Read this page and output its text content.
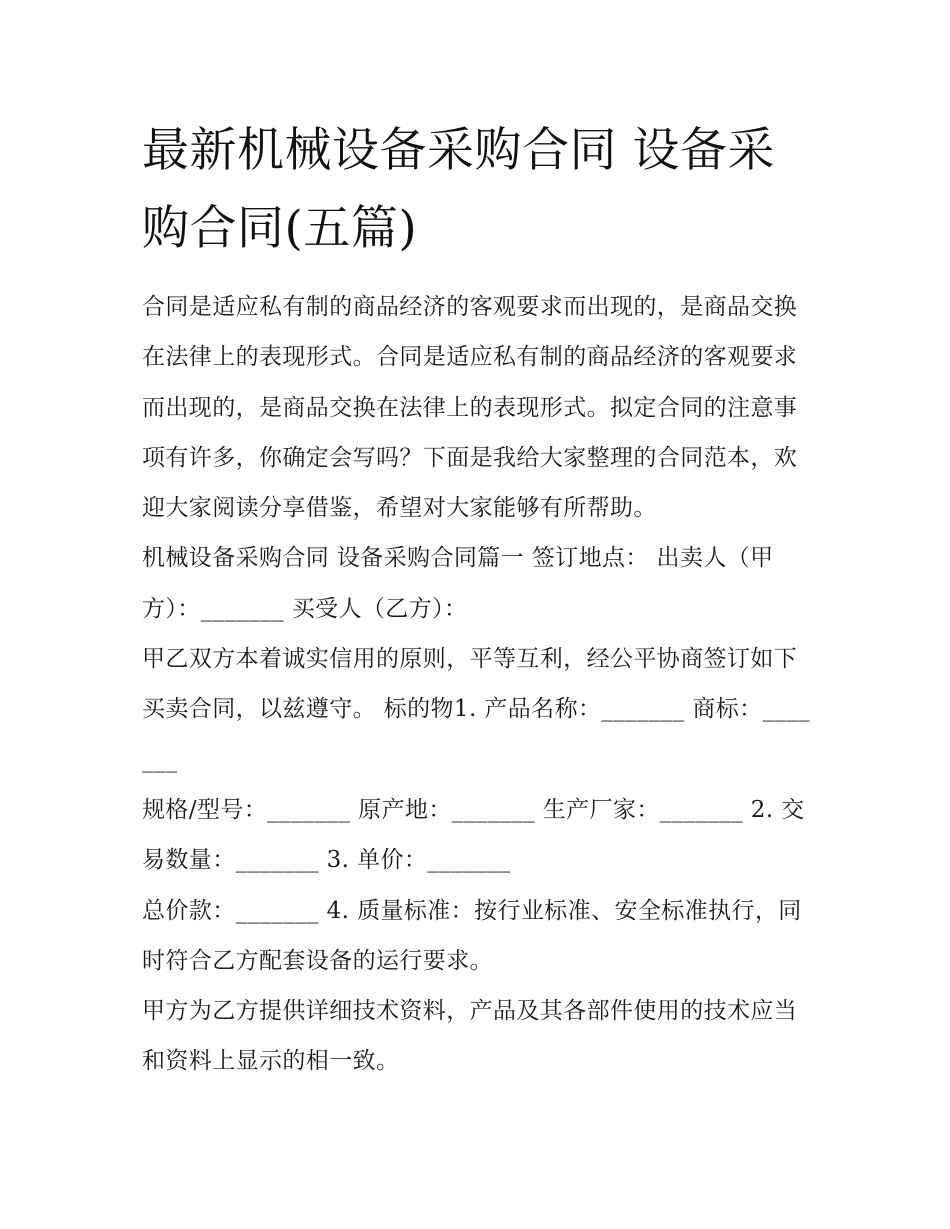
最新机械设备采购合同 设备采购合同(五篇)

合同是适应私有制的商品经济的客观要求而出现的，是商品交换在法律上的表现形式。合同是适应私有制的商品经济的客观要求而出现的，是商品交换在法律上的表现形式。拟定合同的注意事项有许多，你确定会写吗？下面是我给大家整理的合同范本，欢迎大家阅读分享借鉴，希望对大家能够有所帮助。

机械设备采购合同 设备采购合同篇一 签订地点： 出卖人（甲方）：_______ 买受人（乙方）：

甲乙双方本着诚实信用的原则，平等互利，经公平协商签订如下买卖合同，以兹遵守。 标的物1. 产品名称：_______ 商标：_______

规格/型号：_______ 原产地：_______ 生产厂家：_______ 2. 交易数量：_______ 3. 单价：_______

总价款：_______ 4. 质量标准：按行业标准、安全标准执行，同时符合乙方配套设备的运行要求。

甲方为乙方提供详细技术资料，产品及其各部件使用的技术应当和资料上显示的相一致。
